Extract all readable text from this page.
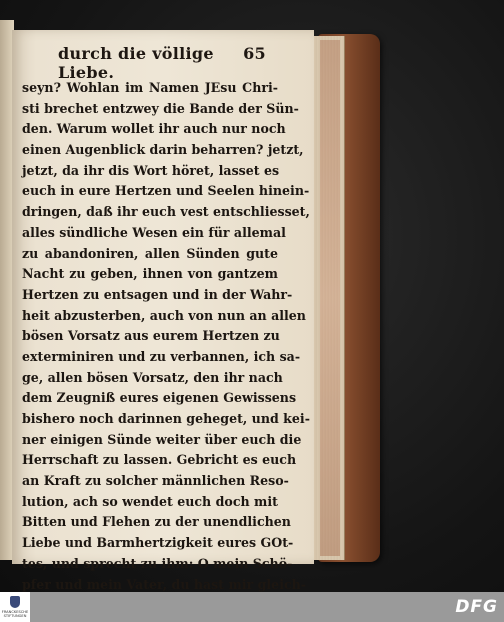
durch die völlige Liebe.
65
seyn? Wohlan im Namen JEsu Chri-
sti brechet entzwey die Bande der Sün-
den. Warum wollet ihr auch nur noch
einen Augenblick darin beharren? jetzt,
jetzt, da ihr dis Wort höret, lasset es
euch in eure Hertzen und Seelen hinein-
dringen, daß ihr euch vest entschliesset,
alles sündliche Wesen ein für allemal
zu abandoniren, allen Sünden gute
Nacht zu geben, ihnen von gantzem
Hertzen zu entsagen und in der Wahr-
heit abzusterben, auch von nun an allen
bösen Vorsatz aus eurem Hertzen zu
exterminiren und zu verbannen, ich sa-
ge, allen bösen Vorsatz, den ihr nach
dem Zeugniß eures eigenen Gewissens
bishero noch darinnen geheget, und kei-
ner einigen Sünde weiter über euch die
Herrschaft zu lassen. Gebricht es euch
an Kraft zu solcher männlichen Reso-
lution, ach so wendet euch doch mit
Bitten und Flehen zu der unendlichen
Liebe und Barmhertzigkeit eures GOt-
tes, und sprecht zu ihm: O mein Schö-
pfer und mein Vater, du hast mir gleich-
FRANCKESCHE STIFTUNGEN	DFG
